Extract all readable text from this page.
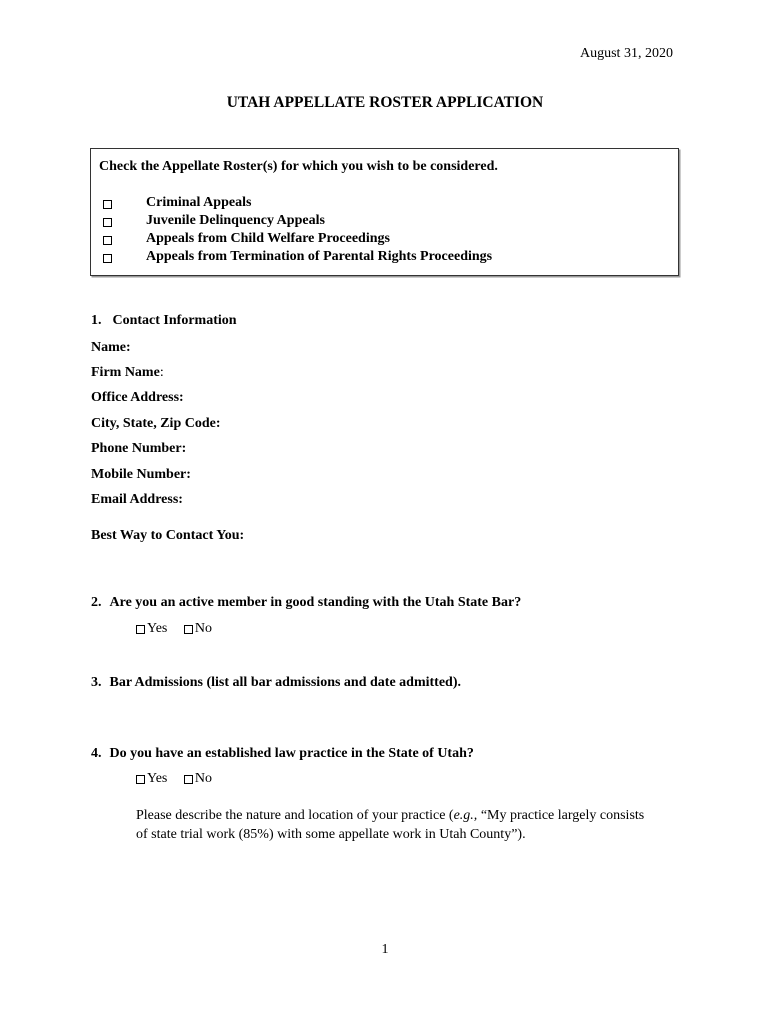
August 31, 2020
UTAH APPELLATE ROSTER APPLICATION
Check the Appellate Roster(s) for which you wish to be considered.
Criminal Appeals
Juvenile Delinquency Appeals
Appeals from Child Welfare Proceedings
Appeals from Termination of Parental Rights Proceedings
1. Contact Information
Name:
Firm Name:
Office Address:
City, State, Zip Code:
Phone Number:
Mobile Number:
Email Address:
Best Way to Contact You:
2. Are you an active member in good standing with the Utah State Bar?
Yes
No
3. Bar Admissions (list all bar admissions and date admitted).
4. Do you have an established law practice in the State of Utah?
Yes
No
Please describe the nature and location of your practice (e.g., “My practice largely consists of state trial work (85%) with some appellate work in Utah County”).
1
